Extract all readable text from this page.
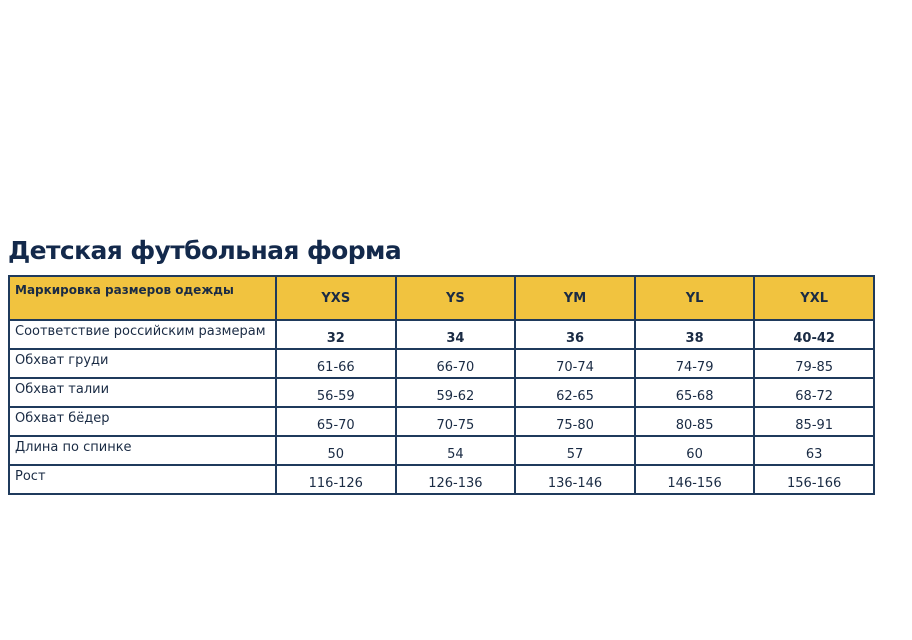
Детская футбольная форма
Маркировка размеров одежды	YXS	YS	YM	YL	YXL
Соответствие российским размерам	32	34	36	38	40-42
Обхват груди	61-66	66-70	70-74	74-79	79-85
Обхват талии	56-59	59-62	62-65	65-68	68-72
Обхват бёдер	65-70	70-75	75-80	80-85	85-91
Длина по спинке	50	54	57	60	63
Рост	116-126	126-136	136-146	146-156	156-166
